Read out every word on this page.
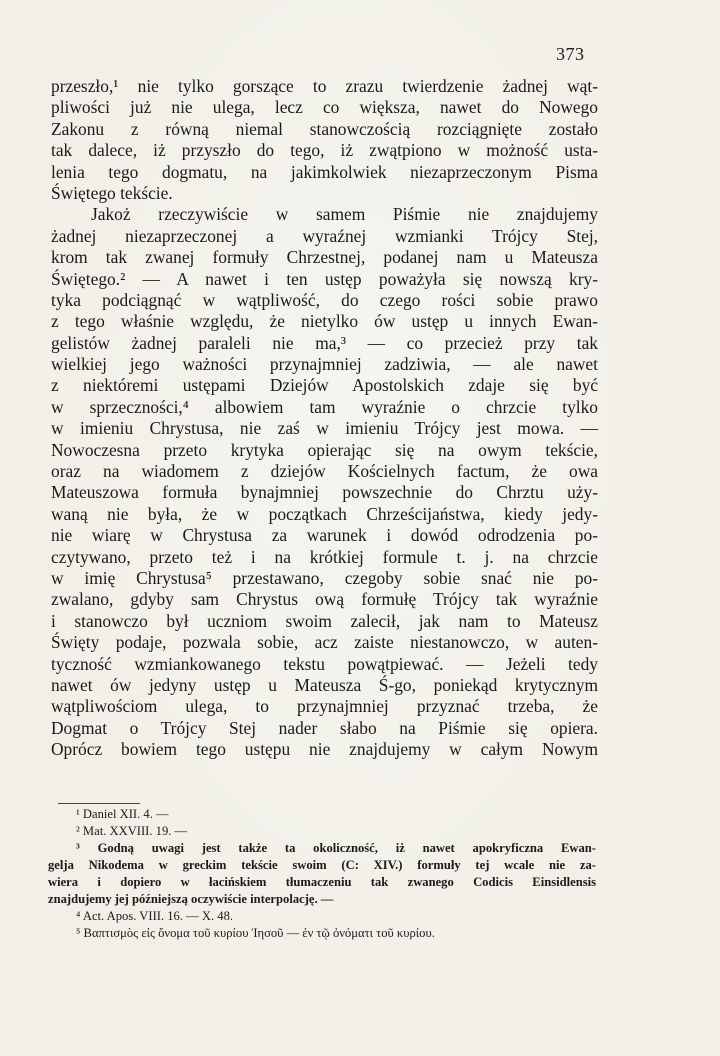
373
przeszło,¹ nie tylko gorszące to zrazu twierdzenie żadnej wąt-
pliwości już nie ulega, lecz co większa, nawet do Nowego
Zakonu z równą niemal stanowczością rozciągnięte zostało
tak dalece, iż przyszło do tego, iż zwątpiono w możność usta-
lenia tego dogmatu, na jakimkolwiek niezaprzeczonym Pisma
Świętego tekście.
Jakoż rzeczywiście w samem Piśmie nie znajdujemy
żadnej niezaprzeczonej a wyraźnej wzmianki Trójcy Stej,
krom tak zwanej formuły Chrzestnej, podanej nam u Mateusza
Świętego.² — A nawet i ten ustęp poważyła się nowszą kry-
tyka podciągnąć w wątpliwość, do czego rości sobie prawo
z tego właśnie względu, że nietylko ów ustęp u innych Ewan-
gelistów żadnej paraleli nie ma,³ — co przecież przy tak
wielkiej jego ważności przynajmniej zadziwia, — ale nawet
z niektóremi ustępami Dziejów Apostolskich zdaje się być
w sprzeczności,⁴ albowiem tam wyraźnie o chrzcie tylko
w imieniu Chrystusa, nie zaś w imieniu Trójcy jest mowa. —
Nowoczesna przeto krytyka opierając się na owym tekście,
oraz na wiadomem z dziejów Kościelnych factum, że owa
Mateuszowa formuła bynajmniej powszechnie do Chrztu uży-
waną nie była, że w początkach Chrześcijaństwa, kiedy jedy-
nie wiarę w Chrystusa za warunek i dowód odrodzenia po-
czytywano, przeto też i na krótkiej formule t. j. na chrzcie
w imię Chrystusa⁵ przestawano, czegoby sobie snać nie po-
zwalano, gdyby sam Chrystus ową formułę Trójcy tak wyraźnie
i stanowczo był uczniom swoim zalecił, jak nam to Mateusz
Święty podaje, pozwala sobie, acz zaiste niestanowczo, w auten-
tyczność wzmiankowanego tekstu powątpiewać. — Jeżeli tedy
nawet ów jedyny ustęp u Mateusza Ś-go, poniekąd krytycznym
wątpliwościom ulega, to przynajmniej przyznać trzeba, że
Dogmat o Trójcy Stej nader słabo na Piśmie się opiera.
Oprócz bowiem tego ustępu nie znajdujemy w całym Nowym
¹ Daniel XII. 4. —
² Mat. XXVIII. 19. —
³ Godną uwagi jest także ta okoliczność, iż nawet apokryficzna Ewan-
gelja Nikodema w greckim tekście swoim (C: XIV.) formuły tej wcale nie za-
wiera i dopiero w łacińskiem tłumaczeniu tak zwanego Codicis Einsidlensis
znajdujemy jej późniejszą oczywiście interpolację. —
⁴ Act. Apos. VIII. 16. — X. 48.
⁵ Βαπτισμὸς εἰς ὄνομα τοῦ κυρίου Ἰησοῦ — ἐν τῷ ὀνόματι τοῦ κυρίου.
